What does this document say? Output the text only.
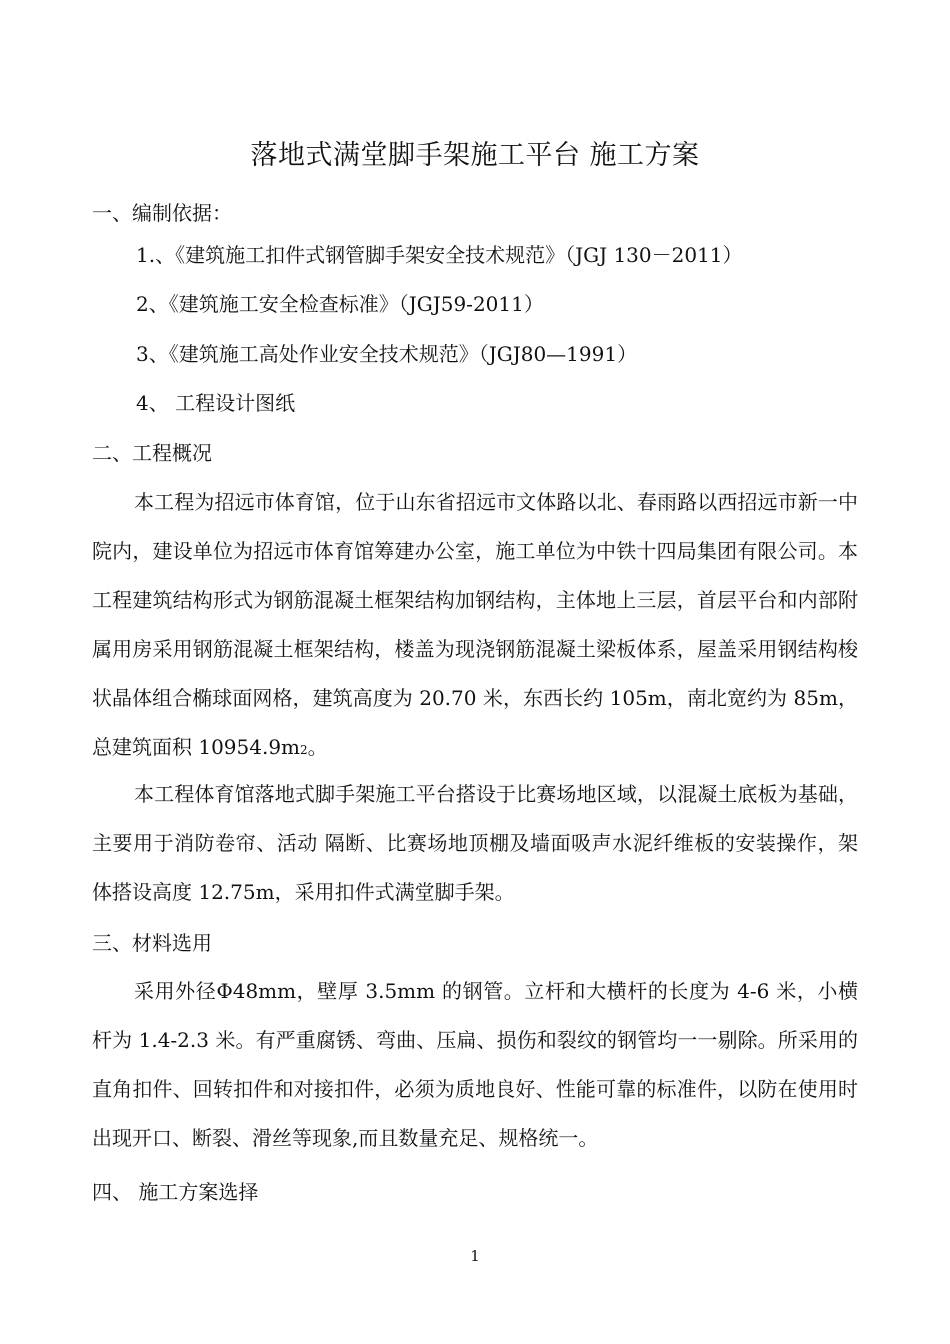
落地式满堂脚手架施工平台 施工方案
一、编制依据：
1.、《建筑施工扣件式钢管脚手架安全技术规范》（JGJ 130－2011）
2、《建筑施工安全检查标准》（JGJ59-2011）
3、《建筑施工高处作业安全技术规范》（JGJ80—1991）
4、 工程设计图纸
二、工程概况
本工程为招远市体育馆，位于山东省招远市文体路以北、春雨路以西招远市新一中院内，建设单位为招远市体育馆筹建办公室，施工单位为中铁十四局集团有限公司。本工程建筑结构形式为钢筋混凝土框架结构加钢结构，主体地上三层，首层平台和内部附属用房采用钢筋混凝土框架结构，楼盖为现浇钢筋混凝土梁板体系，屋盖采用钢结构梭状晶体组合椭球面网格，建筑高度为 20.70 米，东西长约 105m，南北宽约为 85m，总建筑面积 10954.9m2。
本工程体育馆落地式脚手架施工平台搭设于比赛场地区域，以混凝土底板为基础，主要用于消防卷帘、活动 隔断、比赛场地顶棚及墙面吸声水泥纤维板的安装操作，架体搭设高度 12.75m，采用扣件式满堂脚手架。
三、材料选用
采用外径Φ48mm，壁厚 3.5mm 的钢管。立杆和大横杆的长度为 4-6 米，小横杆为 1.4-2.3 米。有严重腐锈、弯曲、压扁、损伤和裂纹的钢管均一一剔除。所采用的直角扣件、回转扣件和对接扣件，必须为质地良好、性能可靠的标准件，以防在使用时出现开口、断裂、滑丝等现象,而且数量充足、规格统一。
四、 施工方案选择
1
